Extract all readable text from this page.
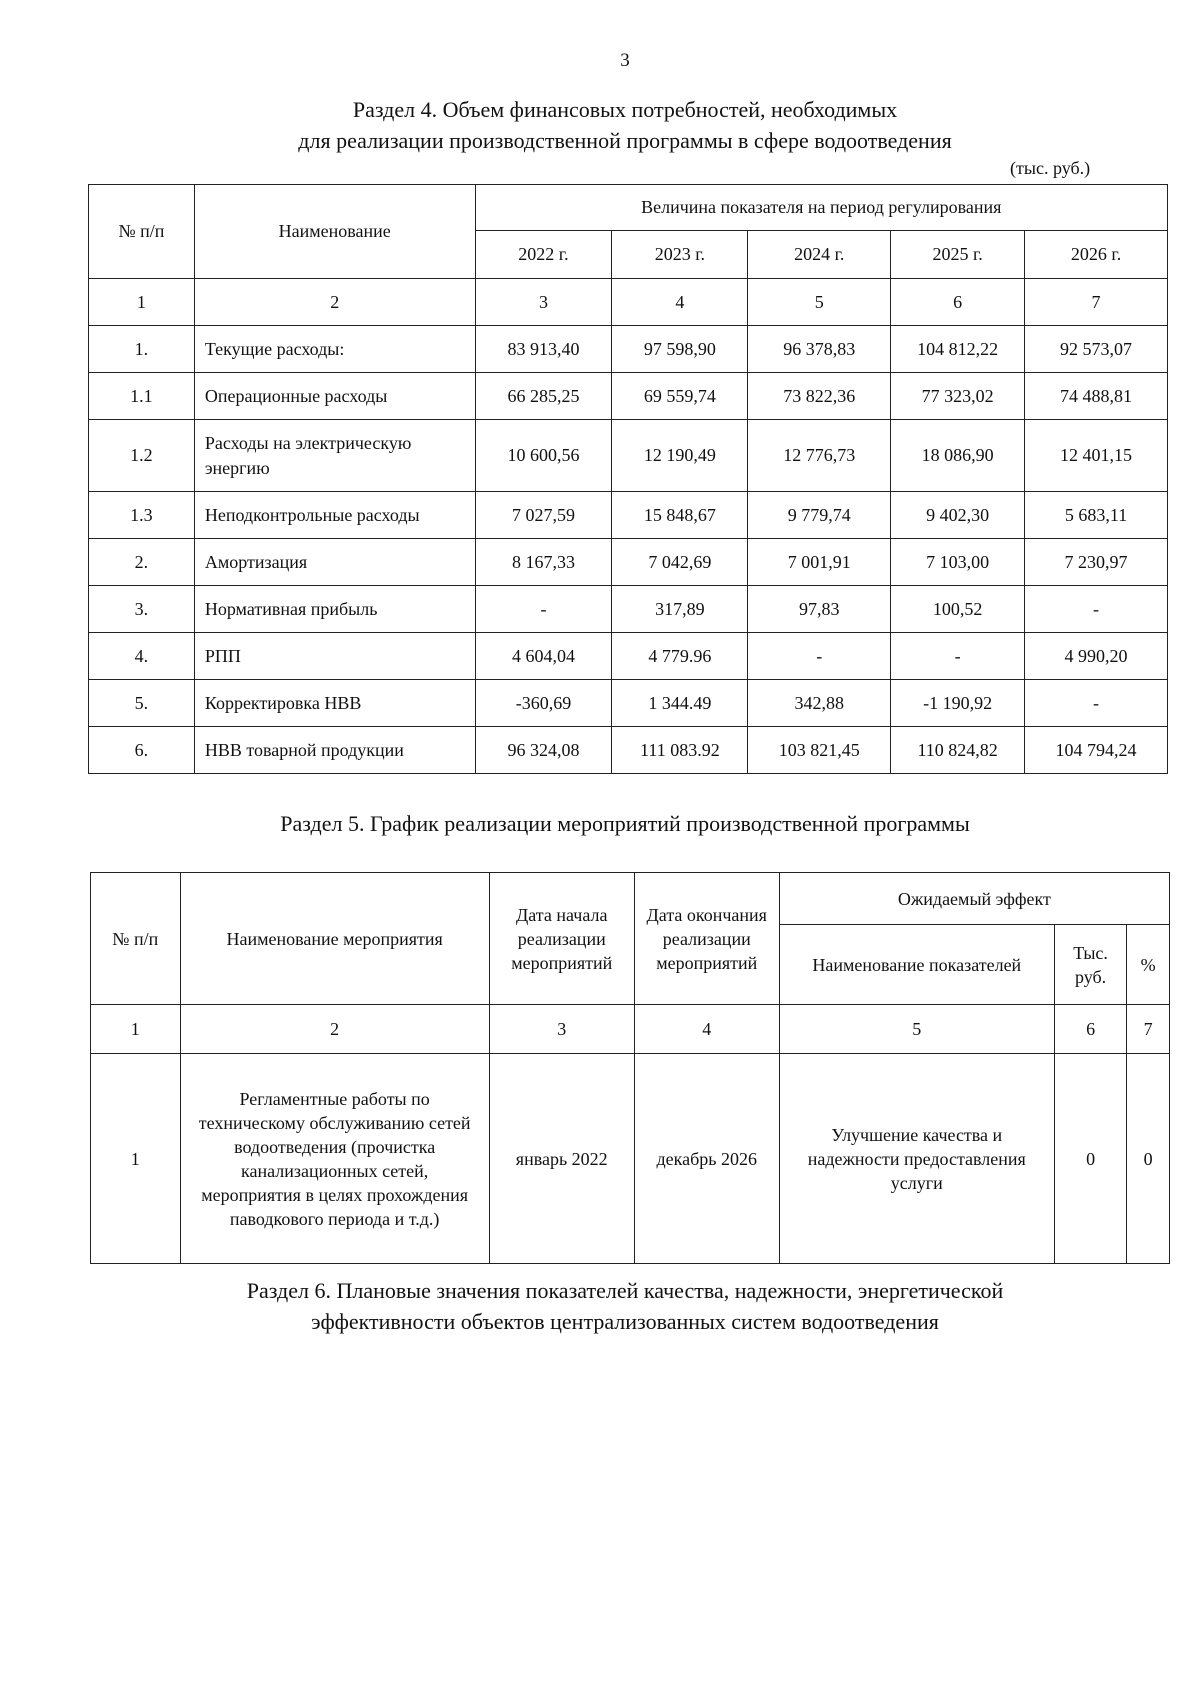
3
Раздел 4. Объем финансовых потребностей, необходимых
для реализации производственной программы в сфере водоотведения
(тыс. руб.)
№ п/п	Наименование	Величина показателя на период регулирования				
		2022 г.	2023 г.	2024 г.	2025 г.	2026 г.
1	2	3	4	5	6	7
1.	Текущие расходы:	83 913,40	97 598,90	96 378,83	104 812,22	92 573,07
1.1	Операционные расходы	66 285,25	69 559,74	73 822,36	77 323,02	74 488,81
1.2	Расходы на электрическую энергию	10 600,56	12 190,49	12 776,73	18 086,90	12 401,15
1.3	Неподконтрольные расходы	7 027,59	15 848,67	9 779,74	9 402,30	5 683,11
2.	Амортизация	8 167,33	7 042,69	7 001,91	7 103,00	7 230,97
3.	Нормативная прибыль	-	317,89	97,83	100,52	-
4.	РПП	4 604,04	4 779.96	-	-	4 990,20
5.	Корректировка НВВ	-360,69	1 344.49	342,88	-1 190,92	-
6.	НВВ товарной продукции	96 324,08	111 083.92	103 821,45	110 824,82	104 794,24
Раздел 5. График реализации мероприятий производственной программы
№ п/п	Наименование мероприятия	Дата начала реализации мероприятий	Дата окончания реализации мероприятий	Ожидаемый эффект		
				Наименование показателей	Тыс. руб.	%
1	2	3	4	5	6	7
1	Регламентные работы по техническому обслуживанию сетей водоотведения (прочистка канализационных сетей, мероприятия в целях прохождения паводкового периода и т.д.)	январь 2022	декабрь 2026	Улучшение качества и надежности предоставления услуги	0	0
Раздел 6. Плановые значения показателей качества, надежности, энергетической
эффективности объектов централизованных систем водоотведения
